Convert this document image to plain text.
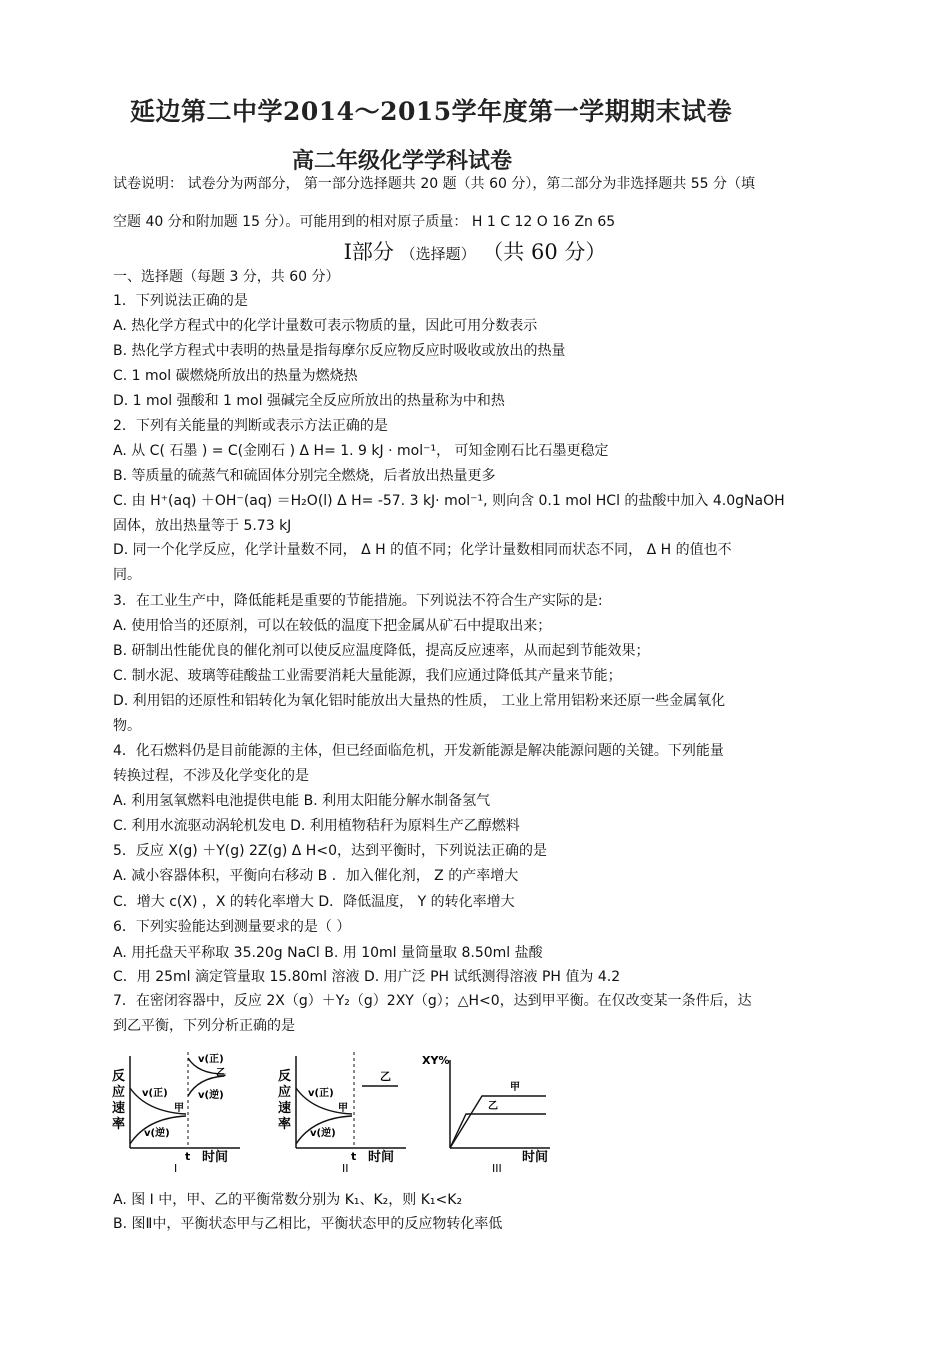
延边第二中学2014～2015学年度第一学期期末试卷
高二年级化学学科试卷
试卷说明： 试卷分为两部分， 第一部分选择题共 20 题（共 60 分），第二部分为非选择题共 55 分（填
空题 40 分和附加题 15 分）。可能用到的相对原子质量： H 1 C 12 O 16 Zn 65
Ⅰ部分 （选择题） （共 60 分）
一、选择题（每题 3 分，共 60 分）
1．下列说法正确的是
A. 热化学方程式中的化学计量数可表示物质的量，因此可用分数表示
B. 热化学方程式中表明的热量是指每摩尔反应物反应时吸收或放出的热量
C. 1 mol 碳燃烧所放出的热量为燃烧热
D. 1 mol 强酸和 1 mol 强碱完全反应所放出的热量称为中和热
2．下列有关能量的判断或表示方法正确的是
A. 从 C( 石墨 ) = C(金刚石 ) Δ H= 1. 9 kJ · mol⁻¹， 可知金刚石比石墨更稳定
B. 等质量的硫蒸气和硫固体分别完全燃烧，后者放出热量更多
C. 由 H⁺(aq) ＋OH⁻(aq) ＝H₂O(l) Δ H= -57. 3 kJ· mol⁻¹, 则向含 0.1 mol HCl 的盐酸中加入 4.0gNaOH
固体，放出热量等于 5.73 kJ
D. 同一个化学反应，化学计量数不同， Δ H 的值不同；化学计量数相同而状态不同， Δ H 的值也不
同。
3．在工业生产中，降低能耗是重要的节能措施。下列说法不符合生产实际的是:
A. 使用恰当的还原剂，可以在较低的温度下把金属从矿石中提取出来；
B. 研制出性能优良的催化剂可以使反应温度降低，提高反应速率，从而起到节能效果；
C. 制水泥、玻璃等硅酸盐工业需要消耗大量能源，我们应通过降低其产量来节能；
D. 利用铝的还原性和铝转化为氧化铝时能放出大量热的性质， 工业上常用铝粉来还原一些金属氧化
物。
4．化石燃料仍是目前能源的主体，但已经面临危机，开发新能源是解决能源问题的关键。下列能量
转换过程，不涉及化学变化的是
A. 利用氢氧燃料电池提供电能 B. 利用太阳能分解水制备氢气
C. 利用水流驱动涡轮机发电 D. 利用植物秸秆为原料生产乙醇燃料
5．反应 X(g) ＋Y(g) 2Z(g) Δ H<0，达到平衡时，下列说法正确的是
A. 减小容器体积，平衡向右移动 B ．加入催化剂， Z 的产率增大
C．增大 c(X) ，X 的转化率增大 D．降低温度， Y 的转化率增大
6．下列实验能达到测量要求的是（ ）
A. 用托盘天平称取 35.20g NaCl B. 用 10ml 量筒量取 8.50ml 盐酸
C．用 25ml 滴定管量取 15.80ml 溶液 D. 用广泛 PH 试纸测得溶液 PH 值为 4.2
7．在密闭容器中，反应 2X（g）＋Y₂（g）2XY（g）；△H<0，达到甲平衡。在仅改变某一条件后，达
到乙平衡，下列分析正确的是
反
应
速
率
v(正)
v(逆)
甲
v(正)
乙
v(逆)
t 时间
I
反
应
速
率
v(正)
v(逆)
甲
乙
t 时间
II
XY%
甲
乙
时间
III
A. 图 Ⅰ 中，甲、乙的平衡常数分别为 K₁、K₂，则 K₁<K₂
B. 图Ⅱ中，平衡状态甲与乙相比，平衡状态甲的反应物转化率低
